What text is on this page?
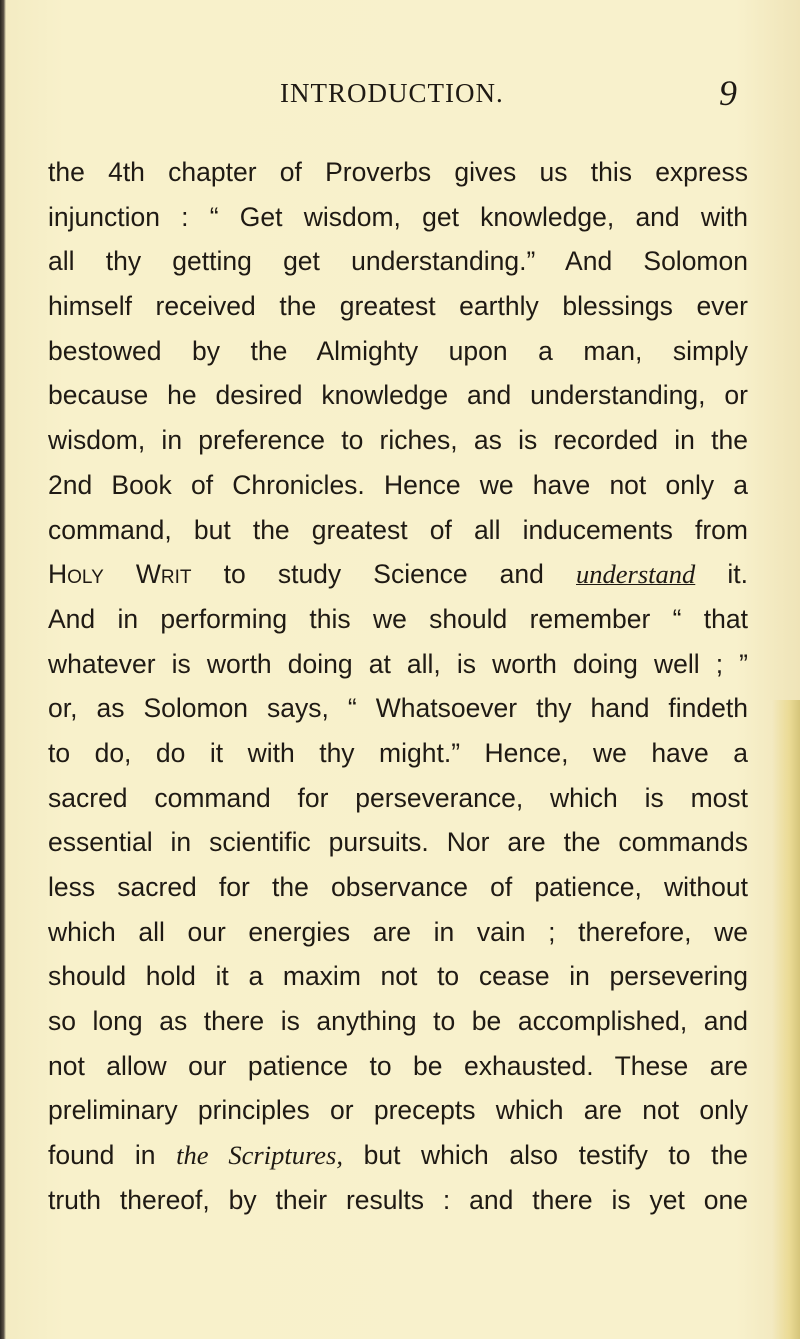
INTRODUCTION.	9
the 4th chapter of Proverbs gives us this express
injunction : “ Get wisdom, get knowledge, and with
all thy getting get understanding.” And Solomon
himself received the greatest earthly blessings ever
bestowed by the Almighty upon a man, simply
because he desired knowledge and understanding, or
wisdom, in preference to riches, as is recorded in the
2nd Book of Chronicles. Hence we have not only a
command, but the greatest of all inducements from
Holy Writ to study Science and understand it.
And in performing this we should remember “ that
whatever is worth doing at all, is worth doing well ; ”
or, as Solomon says, “ Whatsoever thy hand findeth
to do, do it with thy might.” Hence, we have a
sacred command for perseverance, which is most
essential in scientific pursuits. Nor are the commands
less sacred for the observance of patience, without
which all our energies are in vain ; therefore, we
should hold it a maxim not to cease in persevering
so long as there is anything to be accomplished, and
not allow our patience to be exhausted. These are
preliminary principles or precepts which are not only
found in the Scriptures, but which also testify to the
truth thereof, by their results : and there is yet one
